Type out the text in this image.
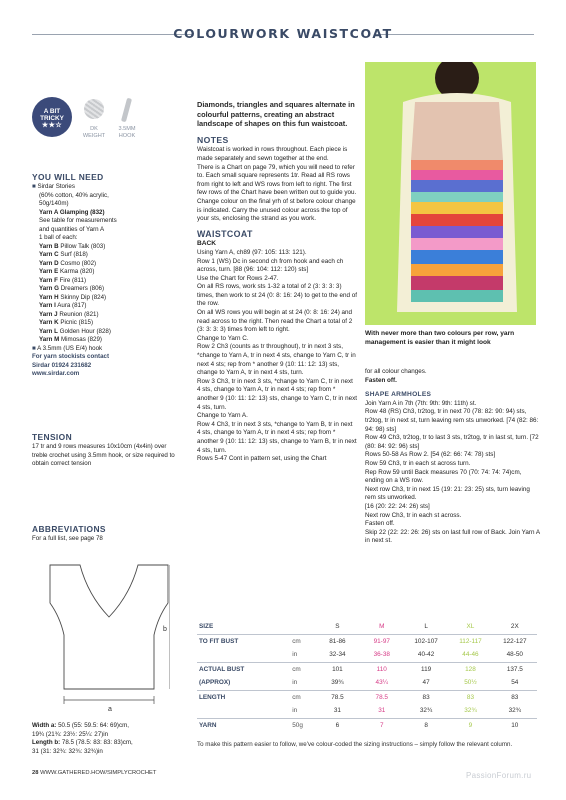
COLOURWORK WAISTCOAT
A BIT
TRICKY
★★☆	DK
WEIGHT
3.5MM
HOOK
YOU WILL NEED
■ Sirdar Stories
(60% cotton, 40% acrylic,
50g/140m)
Yarn A Glamping (832)
See table for measurements
and quantities of Yarn A
1 ball of each:
Yarn B Pillow Talk (803)
Yarn C Surf (818)
Yarn D Cosmo (802)
Yarn E Karma (820)
Yarn F Fire (811)
Yarn G Dreamers (806)
Yarn H Skinny Dip (824)
Yarn I Aura (817)
Yarn J Reunion (821)
Yarn K Picnic (815)
Yarn L Golden Hour (828)
Yarn M Mimosas (829)
■ A 3.5mm (US E/4) hook
For yarn stockists contact
Sirdar 01924 231682
www.sirdar.com
TENSION
17 tr and 9 rows measures 10x10cm (4x4in) over treble crochet using 3.5mm hook, or size required to obtain correct tension
ABBREVIATIONS
For a full list, see page 78
a
b
Width a: 50.5 (55: 59.5: 64: 69)cm,
19¾ (21¾: 23½: 25¼: 27)in
Length b: 78.5 (78.5: 83: 83: 83)cm,
31 (31: 32¾: 32¾: 32¾)in
Diamonds, triangles and squares alternate in colourful patterns, creating an abstract landscape of shapes on this fun waistcoat.
NOTES
Waistcoat is worked in rows throughout. Each piece is made separately and sewn together at the end.
There is a Chart on page 79, which you will need to refer to. Each small square represents 1tr. Read all RS rows from right to left and WS rows from left to right. The first few rows of the Chart have been written out to guide you. Change colour on the final yrh of st before colour change is indicated. Carry the unused colour across the top of your sts, enclosing the strand as you work.
WAISTCOAT
BACK
Using Yarn A, ch89 (97: 105: 113: 121).
Row 1 (WS) Dc in second ch from hook and each ch across, turn. [88 (96: 104: 112: 120) sts]
Use the Chart for Rows 2-47.
On all RS rows, work sts 1-32 a total of 2 (3: 3: 3: 3) times, then work to st 24 (0: 8: 16: 24) to get to the end of the row.
On all WS rows you will begin at st 24 (0: 8: 16: 24) and read across to the right. Then read the Chart a total of 2 (3: 3: 3: 3) times from left to right.
Change to Yarn C.
Row 2 Ch3 (counts as tr throughout), tr in next 3 sts, *change to Yarn A, tr in next 4 sts, change to Yarn C, tr in next 4 sts; rep from * another 9 (10: 11: 12: 13) sts, change to Yarn A, tr in next 4 sts, turn.
Row 3 Ch3, tr in next 3 sts, *change to Yarn C, tr in next 4 sts, change to Yarn A, tr in next 4 sts; rep from * another 9 (10: 11: 12: 13) sts, change to Yarn C, tr in next 4 sts, turn.
Change to Yarn A.
Row 4 Ch3, tr in next 3 sts, *change to Yarn B, tr in next 4 sts, change to Yarn A, tr in next 4 sts; rep from * another 9 (10: 11: 12: 13) sts, change to Yarn B, tr in next 4 sts, turn.
Rows 5-47 Cont in pattern set, using the Chart
With never more than two colours per row, yarn management is easier than it might look
for all colour changes.
Fasten off.
SHAPE ARMHOLES
Join Yarn A in 7th (7th: 9th: 9th: 11th) st.
Row 48 (RS) Ch3, tr2tog, tr in next 70 (78: 82: 90: 94) sts, tr2tog, tr in next st, turn leaving rem sts unworked. [74 (82: 86: 94: 98) sts]
Row 49 Ch3, tr2tog, tr to last 3 sts, tr2tog, tr in last st, turn. [72 (80: 84: 92: 96) sts]
Rows 50-58 As Row 2. [54 (62: 66: 74: 78) sts]
Row 59 Ch3, tr in each st across turn.
Rep Row 59 until Back measures 70 (70: 74: 74: 74)cm, ending on a WS row.
Next row Ch3, tr in next 15 (19: 21: 23: 25) sts, turn leaving rem sts unworked.
[16 (20: 22: 24: 26) sts]
Next row Ch3, tr in each st across.
Fasten off.
Skip 22 (22: 22: 26: 26) sts on last full row of Back. Join Yarn A in next st.
SIZE		S	M	L	XL	2X
TO FIT BUST	cm	81-86	91-97	102-107	112-117	122-127
	in	32-34	36-38	40-42	44-46	48-50
ACTUAL BUST	cm	101	110	119	128	137.5
(APPROX)	in	39¾	43¼	47	50½	54
LENGTH	cm	78.5	78.5	83	83	83
	in	31	31	32¾	32¾	32¾
YARN	50g	6	7	8	9	10
To make this pattern easier to follow, we've colour-coded the sizing instructions – simply follow the relevant column.
28 WWW.GATHERED.HOW/SIMPLYCROCHET	PassionForum.ru
